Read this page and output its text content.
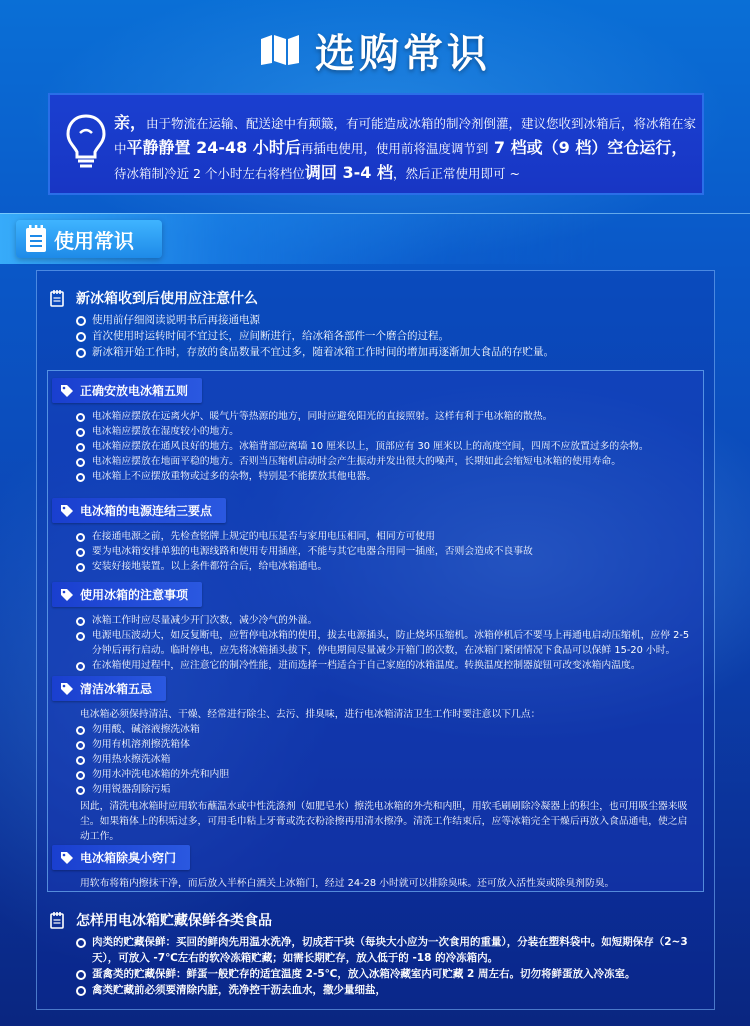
选购常识
亲，由于物流在运输、配送途中有颠簸，有可能造成冰箱的制冷剂倒灌，建议您收到冰箱后，将冰箱在家中平静静置 24-48 小时后再插电使用，使用前将温度调节到 7 档或（9 档）空仓运行，
待冰箱制冷近 2 个小时左右将档位调回 3-4 档，然后正常使用即可 ~
使用常识
新冰箱收到后使用应注意什么
使用前仔细阅读说明书后再接通电源
首次使用时运转时间不宜过长，应间断进行，给冰箱各部件一个磨合的过程。
新冰箱开始工作时，存放的食品数量不宜过多，随着冰箱工作时间的增加再逐渐加大食品的存贮量。
正确安放电冰箱五则
电冰箱应摆放在远离火炉、暖气片等热源的地方，同时应避免阳光的直接照射。这样有利于电冰箱的散热。
电冰箱应摆放在湿度较小的地方。
电冰箱应摆放在通风良好的地方。冰箱背部应离墙 10 厘米以上，顶部应有 30 厘米以上的高度空间，四周不应放置过多的杂物。
电冰箱应摆放在地面平稳的地方。否则当压缩机启动时会产生振动并发出很大的噪声，长期如此会缩短电冰箱的使用寿命。
电冰箱上不应摆放重物或过多的杂物，特别是不能摆放其他电器。
电冰箱的电源连结三要点
在接通电源之前，先检查铭牌上规定的电压是否与家用电压相同，相同方可使用
要为电冰箱安排单独的电源线路和使用专用插座，不能与其它电器合用同一插座，否则会造成不良事故
安装好接地装置。以上条件都符合后，给电冰箱通电。
使用冰箱的注意事项
冰箱工作时应尽量减少开门次数，减少冷气的外溢。
电源电压波动大，如反复断电，应暂停电冰箱的使用，拔去电源插头，防止烧坏压缩机。冰箱停机后不要马上再通电启动压缩机，应停 2-5 分钟后再行启动。临时停电，应先将冰箱插头拔下，停电期间尽量减少开箱门的次数，在冰箱门紧闭情况下食品可以保鲜 15-20 小时。
在冰箱使用过程中，应注意它的制冷性能，进而选择一档适合于自己家庭的冰箱温度。转换温度控制器旋钮可改变冰箱内温度。
清洁冰箱五忌
电冰箱必须保持清洁、干燥、经常进行除尘、去污、排臭味，进行电冰箱清洁卫生工作时要注意以下几点：
勿用酸、碱溶液擦洗冰箱
勿用有机溶剂擦洗箱体
勿用热水擦洗冰箱
勿用水冲洗电冰箱的外壳和内胆
勿用锐器刮除污垢
因此，清洗电冰箱时应用软布蘸温水或中性洗涤剂（如肥皂水）擦洗电冰箱的外壳和内胆，用软毛刷刷除冷凝器上的积尘，也可用吸尘器来吸尘。如果箱体上的积垢过多，可用毛巾粘上牙膏或洗衣粉涂擦再用清水擦净。清洗工作结束后，应等冰箱完全干燥后再放入食品通电，使之启动工作。
电冰箱除臭小窍门
用软布将箱内擦抹干净，而后放入半杯白酒关上冰箱门，经过 24-28 小时就可以排除臭味。还可放入活性炭或除臭剂防臭。
怎样用电冰箱贮藏保鲜各类食品
肉类的贮藏保鲜：买回的鲜肉先用温水洗净，切成若干块（每块大小应为一次食用的重量），分装在塑料袋中。如短期保存（2~3 天），可放入 -7℃左右的软冷冻箱贮藏；如需长期贮存，放入低于的 -18 的冷冻箱内。
蛋禽类的贮藏保鲜：鲜蛋一般贮存的适宜温度 2-5℃，放入冰箱冷藏室内可贮藏 2 周左右。切勿将鲜蛋放入冷冻室。
禽类贮藏前必须要清除内脏，洗净控干沥去血水，撒少量细盐，
